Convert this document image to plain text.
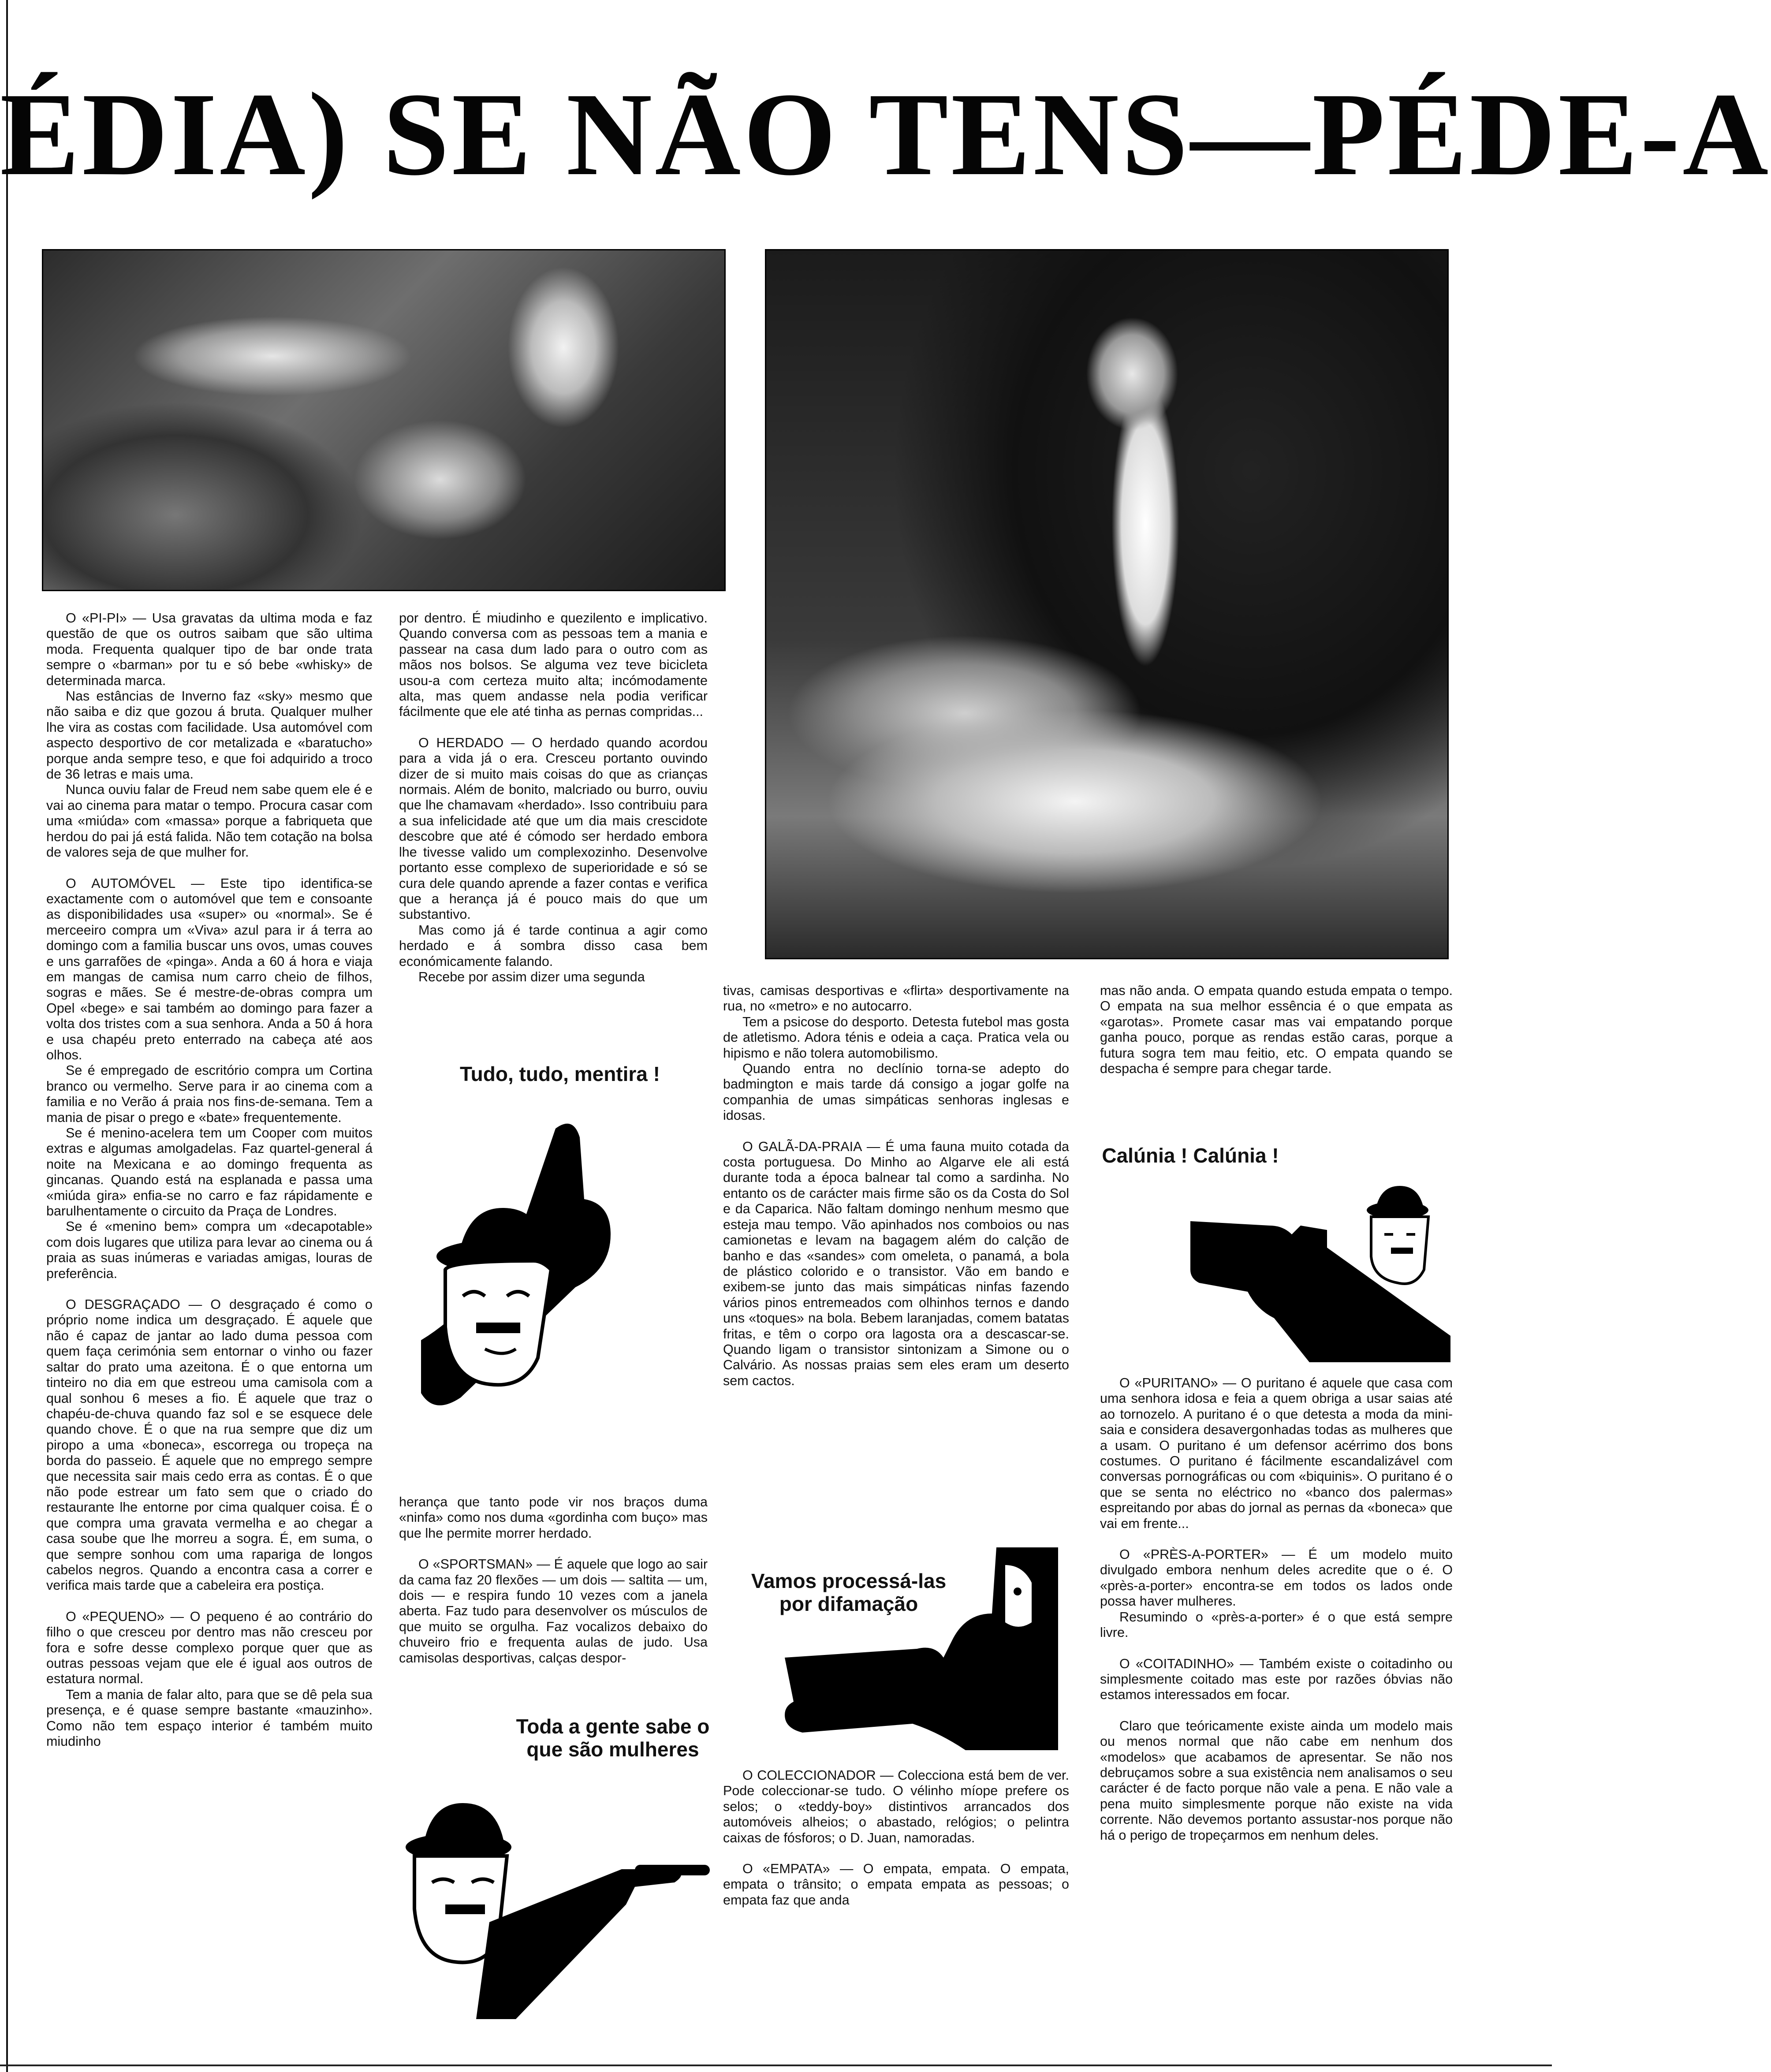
ÉDIA) SE NÃO TENS—PÉDE-A

O «PI-PI» — Usa gravatas da ultima moda e faz questão de que os outros saibam que são ultima moda. Frequenta qualquer tipo de bar onde trata sempre o «barman» por tu e só bebe «whisky» de determinada marca.

Nas estâncias de Inverno faz «sky» mesmo que não saiba e diz que gozou á bruta. Qualquer mulher lhe vira as costas com facilidade. Usa automóvel com aspecto desportivo de cor metalizada e «baratucho» porque anda sempre teso, e que foi adquirido a troco de 36 letras e mais uma.

Nunca ouviu falar de Freud nem sabe quem ele é e vai ao cinema para matar o tempo. Procura casar com uma «miúda» com «massa» porque a fabriqueta que herdou do pai já está falida. Não tem cotação na bolsa de valores seja de que mulher for.

O AUTOMÓVEL — Este tipo identifica-se exactamente com o automóvel que tem e consoante as disponibilidades usa «super» ou «normal». Se é merceeiro compra um «Viva» azul para ir á terra ao domingo com a familia buscar uns ovos, umas couves e uns garrafões de «pinga». Anda a 60 á hora e viaja em mangas de camisa num carro cheio de filhos, sogras e mães. Se é mestre-de-obras compra um Opel «bege» e sai também ao domingo para fazer a volta dos tristes com a sua senhora. Anda a 50 á hora e usa chapéu preto enterrado na cabeça até aos olhos.

Se é empregado de escritório compra um Cortina branco ou vermelho. Serve para ir ao cinema com a familia e no Verão á praia nos fins-de-semana. Tem a mania de pisar o prego e «bate» frequentemente.

Se é menino-acelera tem um Cooper com muitos extras e algumas amolgadelas. Faz quartel-general á noite na Mexicana e ao domingo frequenta as gincanas. Quando está na esplanada e passa uma «miúda gira» enfia-se no carro e faz rápidamente e barulhentamente o circuito da Praça de Londres.

Se é «menino bem» compra um «decapotable» com dois lugares que utiliza para levar ao cinema ou á praia as suas inúmeras e variadas amigas, louras de preferência.

O DESGRAÇADO — O desgraçado é como o próprio nome indica um desgraçado. É aquele que não é capaz de jantar ao lado duma pessoa com quem faça cerimónia sem entornar o vinho ou fazer saltar do prato uma azeitona. É o que entorna um tinteiro no dia em que estreou uma camisola com a qual sonhou 6 meses a fio. É aquele que traz o chapéu-de-chuva quando faz sol e se esquece dele quando chove. É o que na rua sempre que diz um piropo a uma «boneca», escorrega ou tropeça na borda do passeio. É aquele que no emprego sempre que necessita sair mais cedo erra as contas. É o que não pode estrear um fato sem que o criado do restaurante lhe entorne por cima qualquer coisa. É o que compra uma gravata vermelha e ao chegar a casa soube que lhe morreu a sogra. É, em suma, o que sempre sonhou com uma rapariga de longos cabelos negros. Quando a encontra casa a correr e verifica mais tarde que a cabeleira era postiça.

O «PEQUENO» — O pequeno é ao contrário do filho o que cresceu por dentro mas não cresceu por fora e sofre desse complexo porque quer que as outras pessoas vejam que ele é igual aos outros de estatura normal.

Tem a mania de falar alto, para que se dê pela sua presença, e é quase sempre bastante «mauzinho». Como não tem espaço interior é também muito miudinho

por dentro. É miudinho e quezilento e implicativo. Quando conversa com as pessoas tem a mania e passear na casa dum lado para o outro com as mãos nos bolsos. Se alguma vez teve bicicleta usou-a com certeza muito alta; incómodamente alta, mas quem andasse nela podia verificar fácilmente que ele até tinha as pernas compridas...

O HERDADO — O herdado quando acordou para a vida já o era. Cresceu portanto ouvindo dizer de si muito mais coisas do que as crianças normais. Além de bonito, malcriado ou burro, ouviu que lhe chamavam «herdado». Isso contribuiu para a sua infelicidade até que um dia mais crescidote descobre que até é cómodo ser herdado embora lhe tivesse valido um complexozinho. Desenvolve portanto esse complexo de superioridade e só se cura dele quando aprende a fazer contas e verifica que a herança já é pouco mais do que um substantivo.

Mas como já é tarde continua a agir como herdado e á sombra disso casa bem económicamente falando.

Recebe por assim dizer uma segunda

Tudo, tudo, mentira !

herança que tanto pode vir nos braços duma «ninfa» como nos duma «gordinha com buço» mas que lhe permite morrer herdado.

O «SPORTSMAN» — É aquele que logo ao sair da cama faz 20 flexões — um dois — saltita — um, dois — e respira fundo 10 vezes com a janela aberta. Faz tudo para desenvolver os músculos de que muito se orgulha. Faz vocalizos debaixo do chuveiro frio e frequenta aulas de judo. Usa camisolas desportivas, calças despor-

Toda a gente sabe o que são mulheres

tivas, camisas desportivas e «flirta» desportivamente na rua, no «metro» e no autocarro.

Tem a psicose do desporto. Detesta futebol mas gosta de atletismo. Adora ténis e odeia a caça. Pratica vela ou hipismo e não tolera automobilismo.

Quando entra no declínio torna-se adepto do badmington e mais tarde dá consigo a jogar golfe na companhia de umas simpáticas senhoras inglesas e idosas.

O GALÃ-DA-PRAIA — É uma fauna muito cotada da costa portuguesa. Do Minho ao Algarve ele ali está durante toda a época balnear tal como a sardinha. No entanto os de carácter mais firme são os da Costa do Sol e da Caparica. Não faltam domingo nenhum mesmo que esteja mau tempo. Vão apinhados nos comboios ou nas camionetas e levam na bagagem além do calção de banho e das «sandes» com omeleta, o panamá, a bola de plástico colorido e o transistor. Vão em bando e exibem-se junto das mais simpáticas ninfas fazendo vários pinos entremeados com olhinhos ternos e dando uns «toques» na bola. Bebem laranjadas, comem batatas fritas, e têm o corpo ora lagosta ora a descascar-se. Quando ligam o transistor sintonizam a Simone ou o Calvário. As nossas praias sem eles eram um deserto sem cactos.

Vamos processá-las por difamação

O COLECCIONADOR — Colecciona está bem de ver. Pode coleccionar-se tudo. O vélinho míope prefere os selos; o «teddy-boy» distintivos arrancados dos automóveis alheios; o abastado, relógios; o pelintra caixas de fósforos; o D. Juan, namoradas.

O «EMPATA» — O empata, empata. O empata, empata o trânsito; o empata empata as pessoas; o empata faz que anda

mas não anda. O empata quando estuda empata o tempo. O empata na sua melhor essência é o que empata as «garotas». Promete casar mas vai empatando porque ganha pouco, porque as rendas estão caras, porque a futura sogra tem mau feitio, etc. O empata quando se despacha é sempre para chegar tarde.

Calúnia ! Calúnia !

O «PURITANO» — O puritano é aquele que casa com uma senhora idosa e feia a quem obriga a usar saias até ao tornozelo. A puritano é o que detesta a moda da mini-saia e considera desavergonhadas todas as mulheres que a usam. O puritano é um defensor acérrimo dos bons costumes. O puritano é fácilmente escandalizável com conversas pornográficas ou com «biquinis». O puritano é o que se senta no eléctrico no «banco dos palermas» espreitando por abas do jornal as pernas da «boneca» que vai em frente...

O «PRÈS-A-PORTER» — É um modelo muito divulgado embora nenhum deles acredite que o é. O «près-a-porter» encontra-se em todos os lados onde possa haver mulheres.

Resumindo o «près-a-porter» é o que está sempre livre.

O «COITADINHO» — Também existe o coitadinho ou simplesmente coitado mas este por razões óbvias não estamos interessados em focar.

Claro que teóricamente existe ainda um modelo mais ou menos normal que não cabe em nenhum dos «modelos» que acabamos de apresentar. Se não nos debruçamos sobre a sua existência nem analisamos o seu carácter é de facto porque não vale a pena. E não vale a pena muito simplesmente porque não existe na vida corrente. Não devemos portanto assustar-nos porque não há o perigo de tropeçarmos em nenhum deles.
